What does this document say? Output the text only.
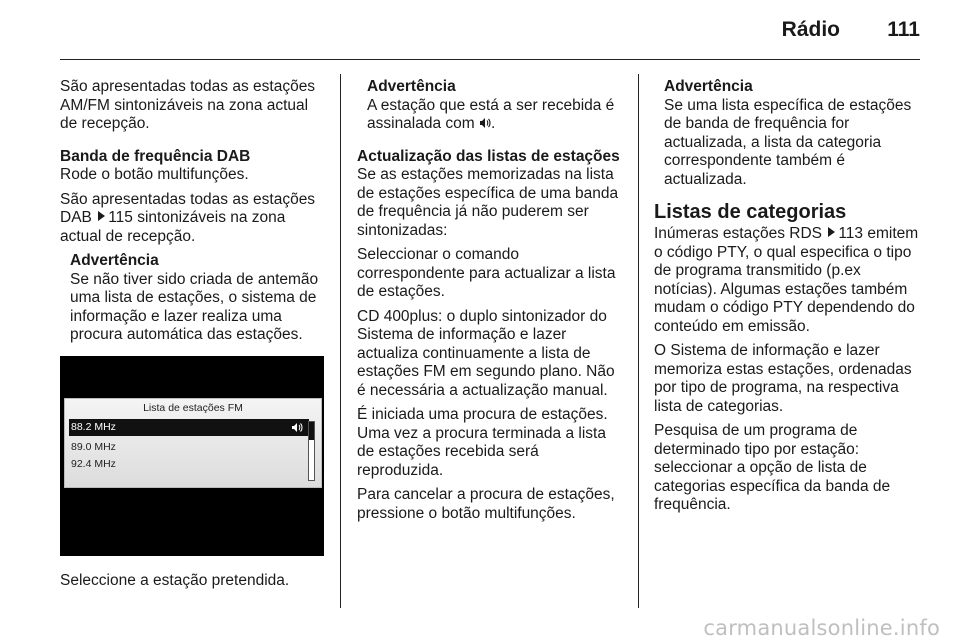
Rádio 111

São apresentadas todas as estações AM/FM sintonizáveis na zona actual de recepção.

Banda de frequência DAB

Rode o botão multifunções.

São apresentadas todas as estações DAB 115 sintonizáveis na zona actual de recepção.

Advertência
Se não tiver sido criada de antemão uma lista de estações, o sistema de informação e lazer realiza uma procura automática das estações.
Lista de estações FM
88.2 MHz
89.0 MHz
92.4 MHz
Seleccione a estação pretendida.
Advertência
A estação que está a ser recebida é assinalada com .

Actualização das listas de estações

Se as estações memorizadas na lista de estações específica de uma banda de frequência já não puderem ser sintonizadas:

Seleccionar o comando correspondente para actualizar a lista de estações.

CD 400plus: o duplo sintonizador do Sistema de informação e lazer actualiza continuamente a lista de estações FM em segundo plano. Não é necessária a actualização manual.

É iniciada uma procura de estações. Uma vez a procura terminada a lista de estações recebida será reproduzida.

Para cancelar a procura de estações, pressione o botão multifunções.

Advertência
Se uma lista específica de estações de banda de frequência for actualizada, a lista da categoria correspondente também é actualizada.
Listas de categorias

Inúmeras estações RDS 113 emitem o código PTY, o qual especifica o tipo de programa transmitido (p.ex notícias). Algumas estações também mudam o código PTY dependendo do conteúdo em emissão.

O Sistema de informação e lazer memoriza estas estações, ordenadas por tipo de programa, na respectiva lista de categorias.

Pesquisa de um programa de determinado tipo por estação: seleccionar a opção de lista de categorias específica da banda de frequência.

carmanualsonline.info
